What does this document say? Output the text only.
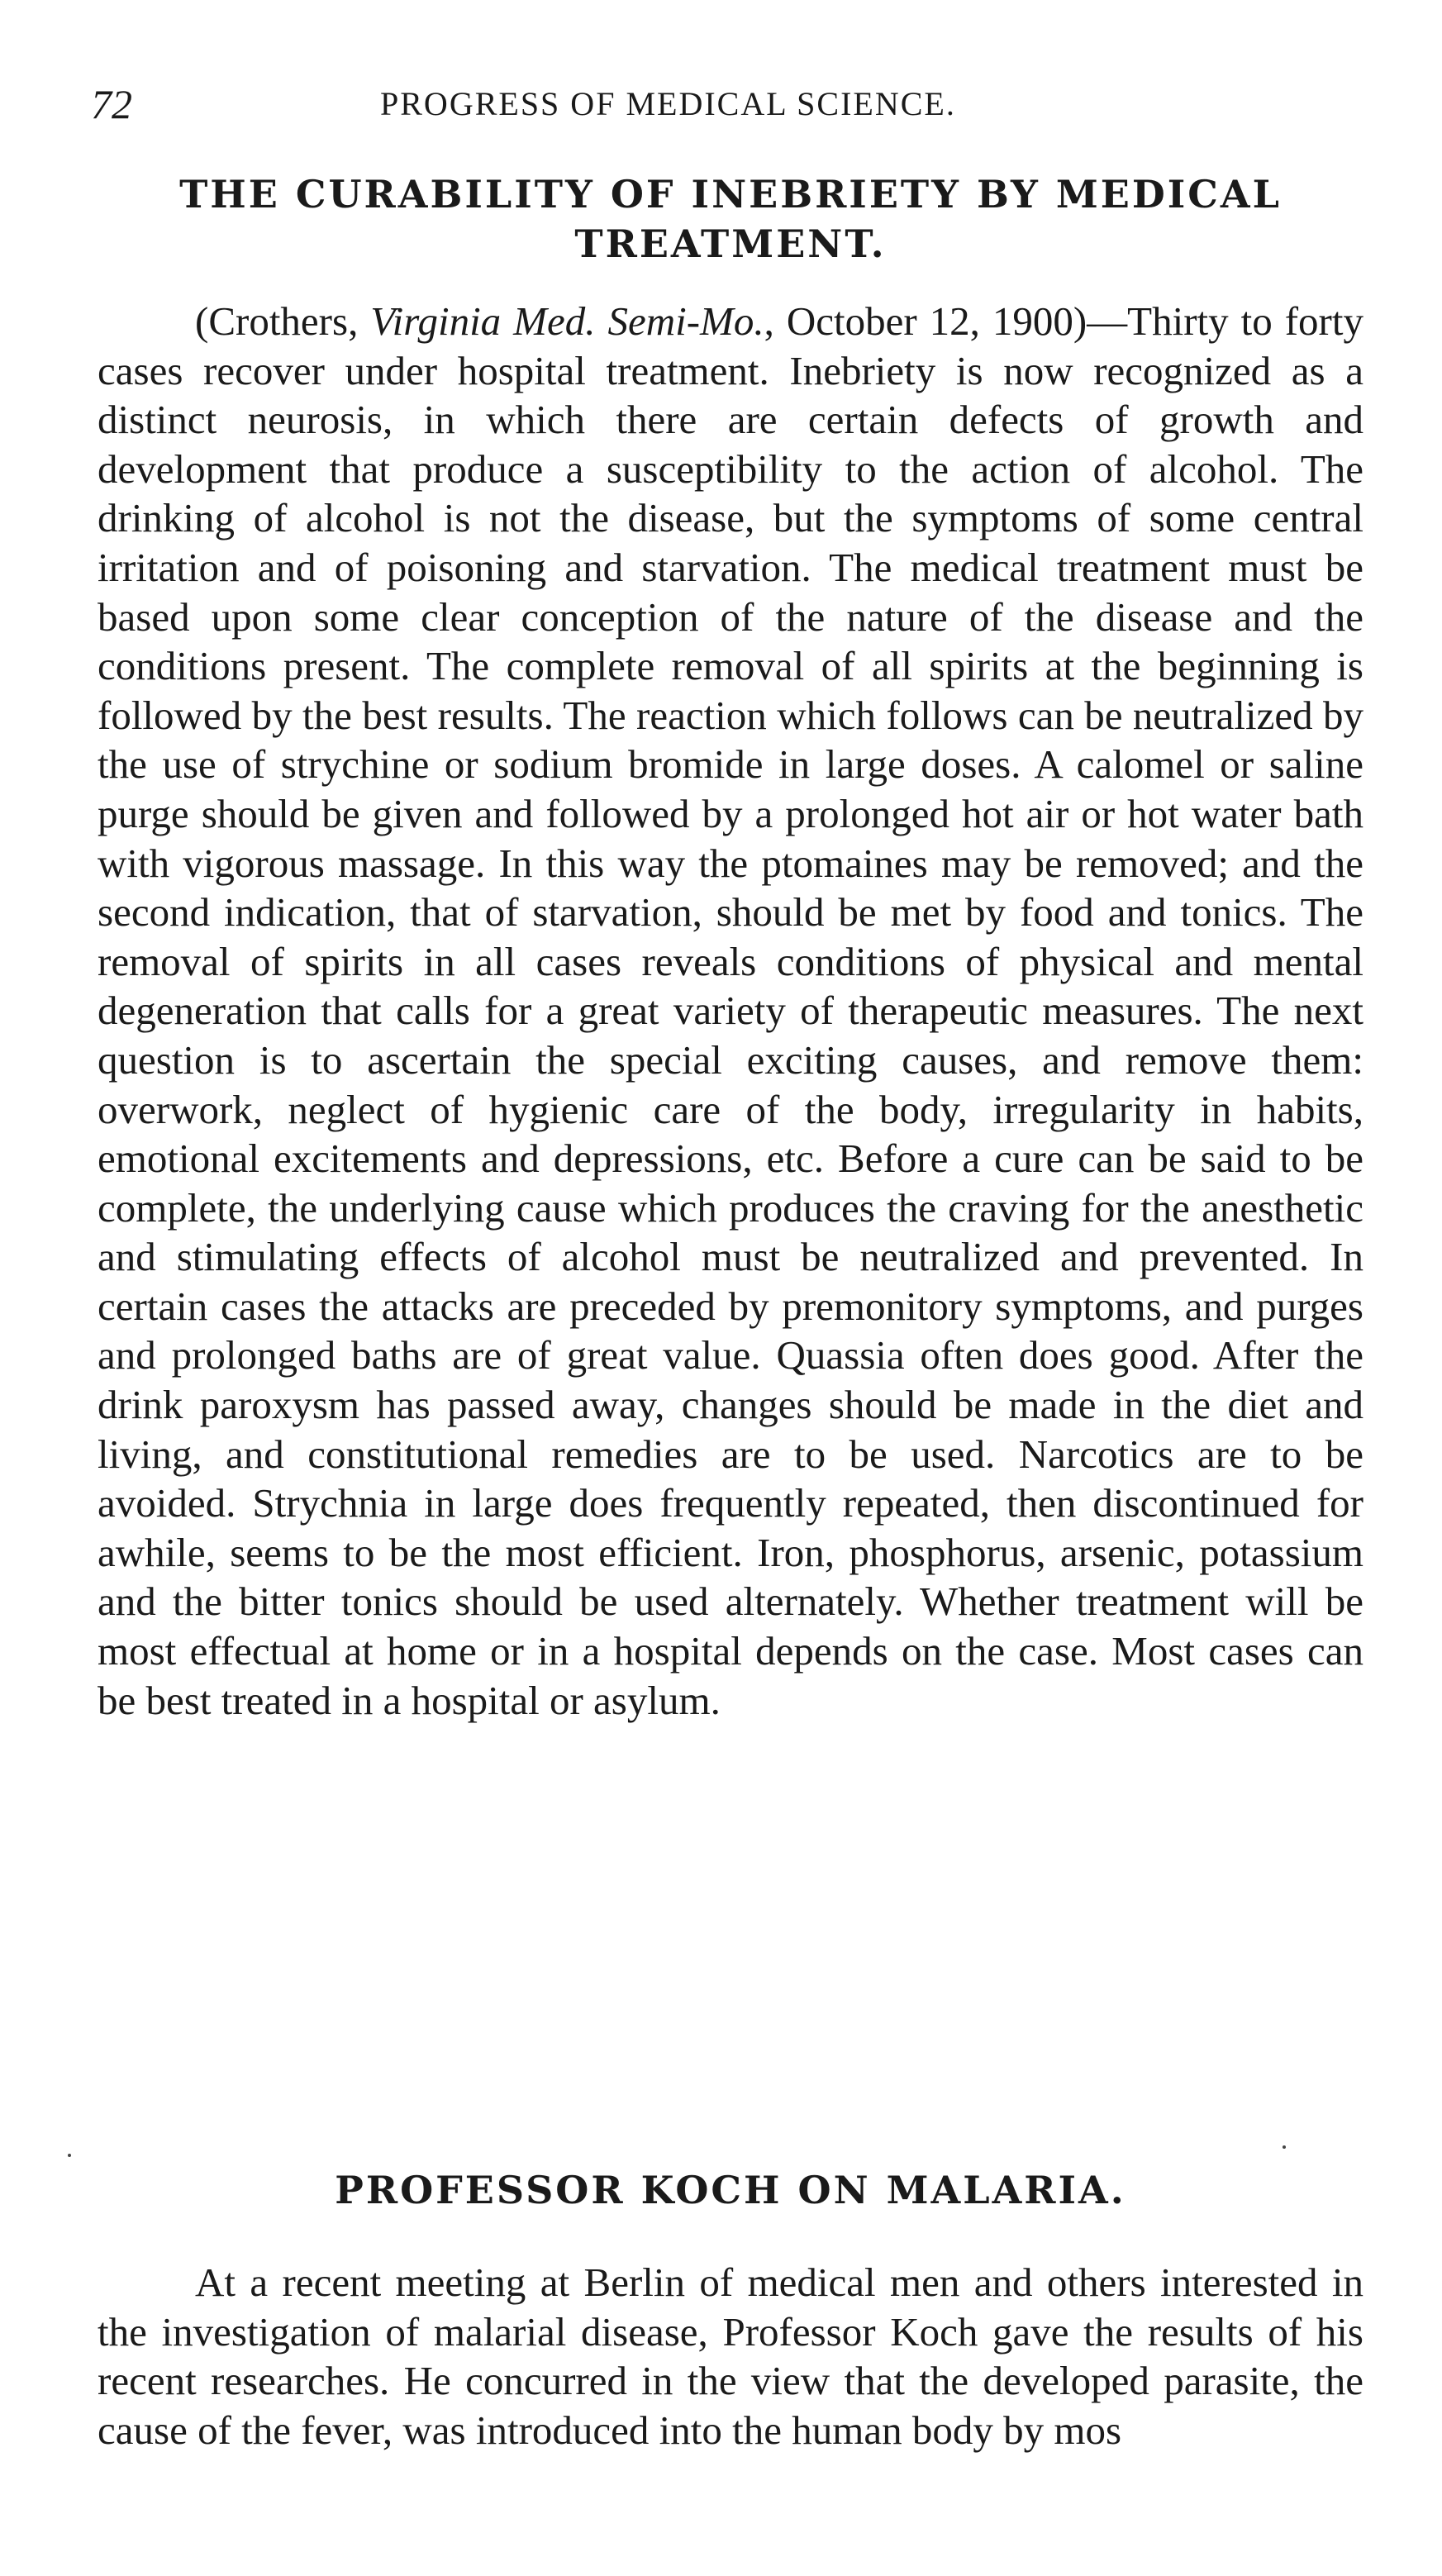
72	PROGRESS OF MEDICAL SCIENCE.
THE CURABILITY OF INEBRIETY BY MEDICAL TREATMENT.

(Crothers, Virginia Med. Semi-Mo., October 12, 1900)—Thirty to forty cases recover under hospital treatment. Inebriety is now recognized as a distinct neurosis, in which there are certain defects of growth and development that produce a susceptibility to the action of alcohol. The drinking of alcohol is not the disease, but the symptoms of some central irritation and of poisoning and starvation. The medical treatment must be based upon some clear conception of the nature of the disease and the conditions present. The complete removal of all spirits at the beginning is followed by the best results. The reaction which follows can be neutralized by the use of strychine or sodium bromide in large doses. A calomel or saline purge should be given and followed by a prolonged hot air or hot water bath with vigorous massage. In this way the ptomaines may be removed; and the second indication, that of starvation, should be met by food and tonics. The removal of spirits in all cases reveals conditions of physical and mental degeneration that calls for a great variety of therapeutic measures. The next question is to ascertain the special exciting causes, and remove them: overwork, neglect of hygienic care of the body, irregularity in habits, emotional excitements and depressions, etc. Before a cure can be said to be complete, the underlying cause which produces the craving for the anesthetic and stimulating effects of alcohol must be neutralized and prevented. In certain cases the attacks are preceded by premonitory symptoms, and purges and prolonged baths are of great value. Quassia often does good. After the drink paroxysm has passed away, changes should be made in the diet and living, and constitutional remedies are to be used. Narcotics are to be avoided. Strychnia in large does frequently repeated, then discontinued for awhile, seems to be the most efficient. Iron, phosphorus, arsenic, potassium and the bitter tonics should be used alternately. Whether treatment will be most effectual at home or in a hospital depends on the case. Most cases can be best treated in a hospital or asylum.

PROFESSOR KOCH ON MALARIA.

At a recent meeting at Berlin of medical men and others interested in the investigation of malarial disease, Professor Koch gave the results of his recent researches. He concurred in the view that the developed parasite, the cause of the fever, was introduced into the human body by mos
